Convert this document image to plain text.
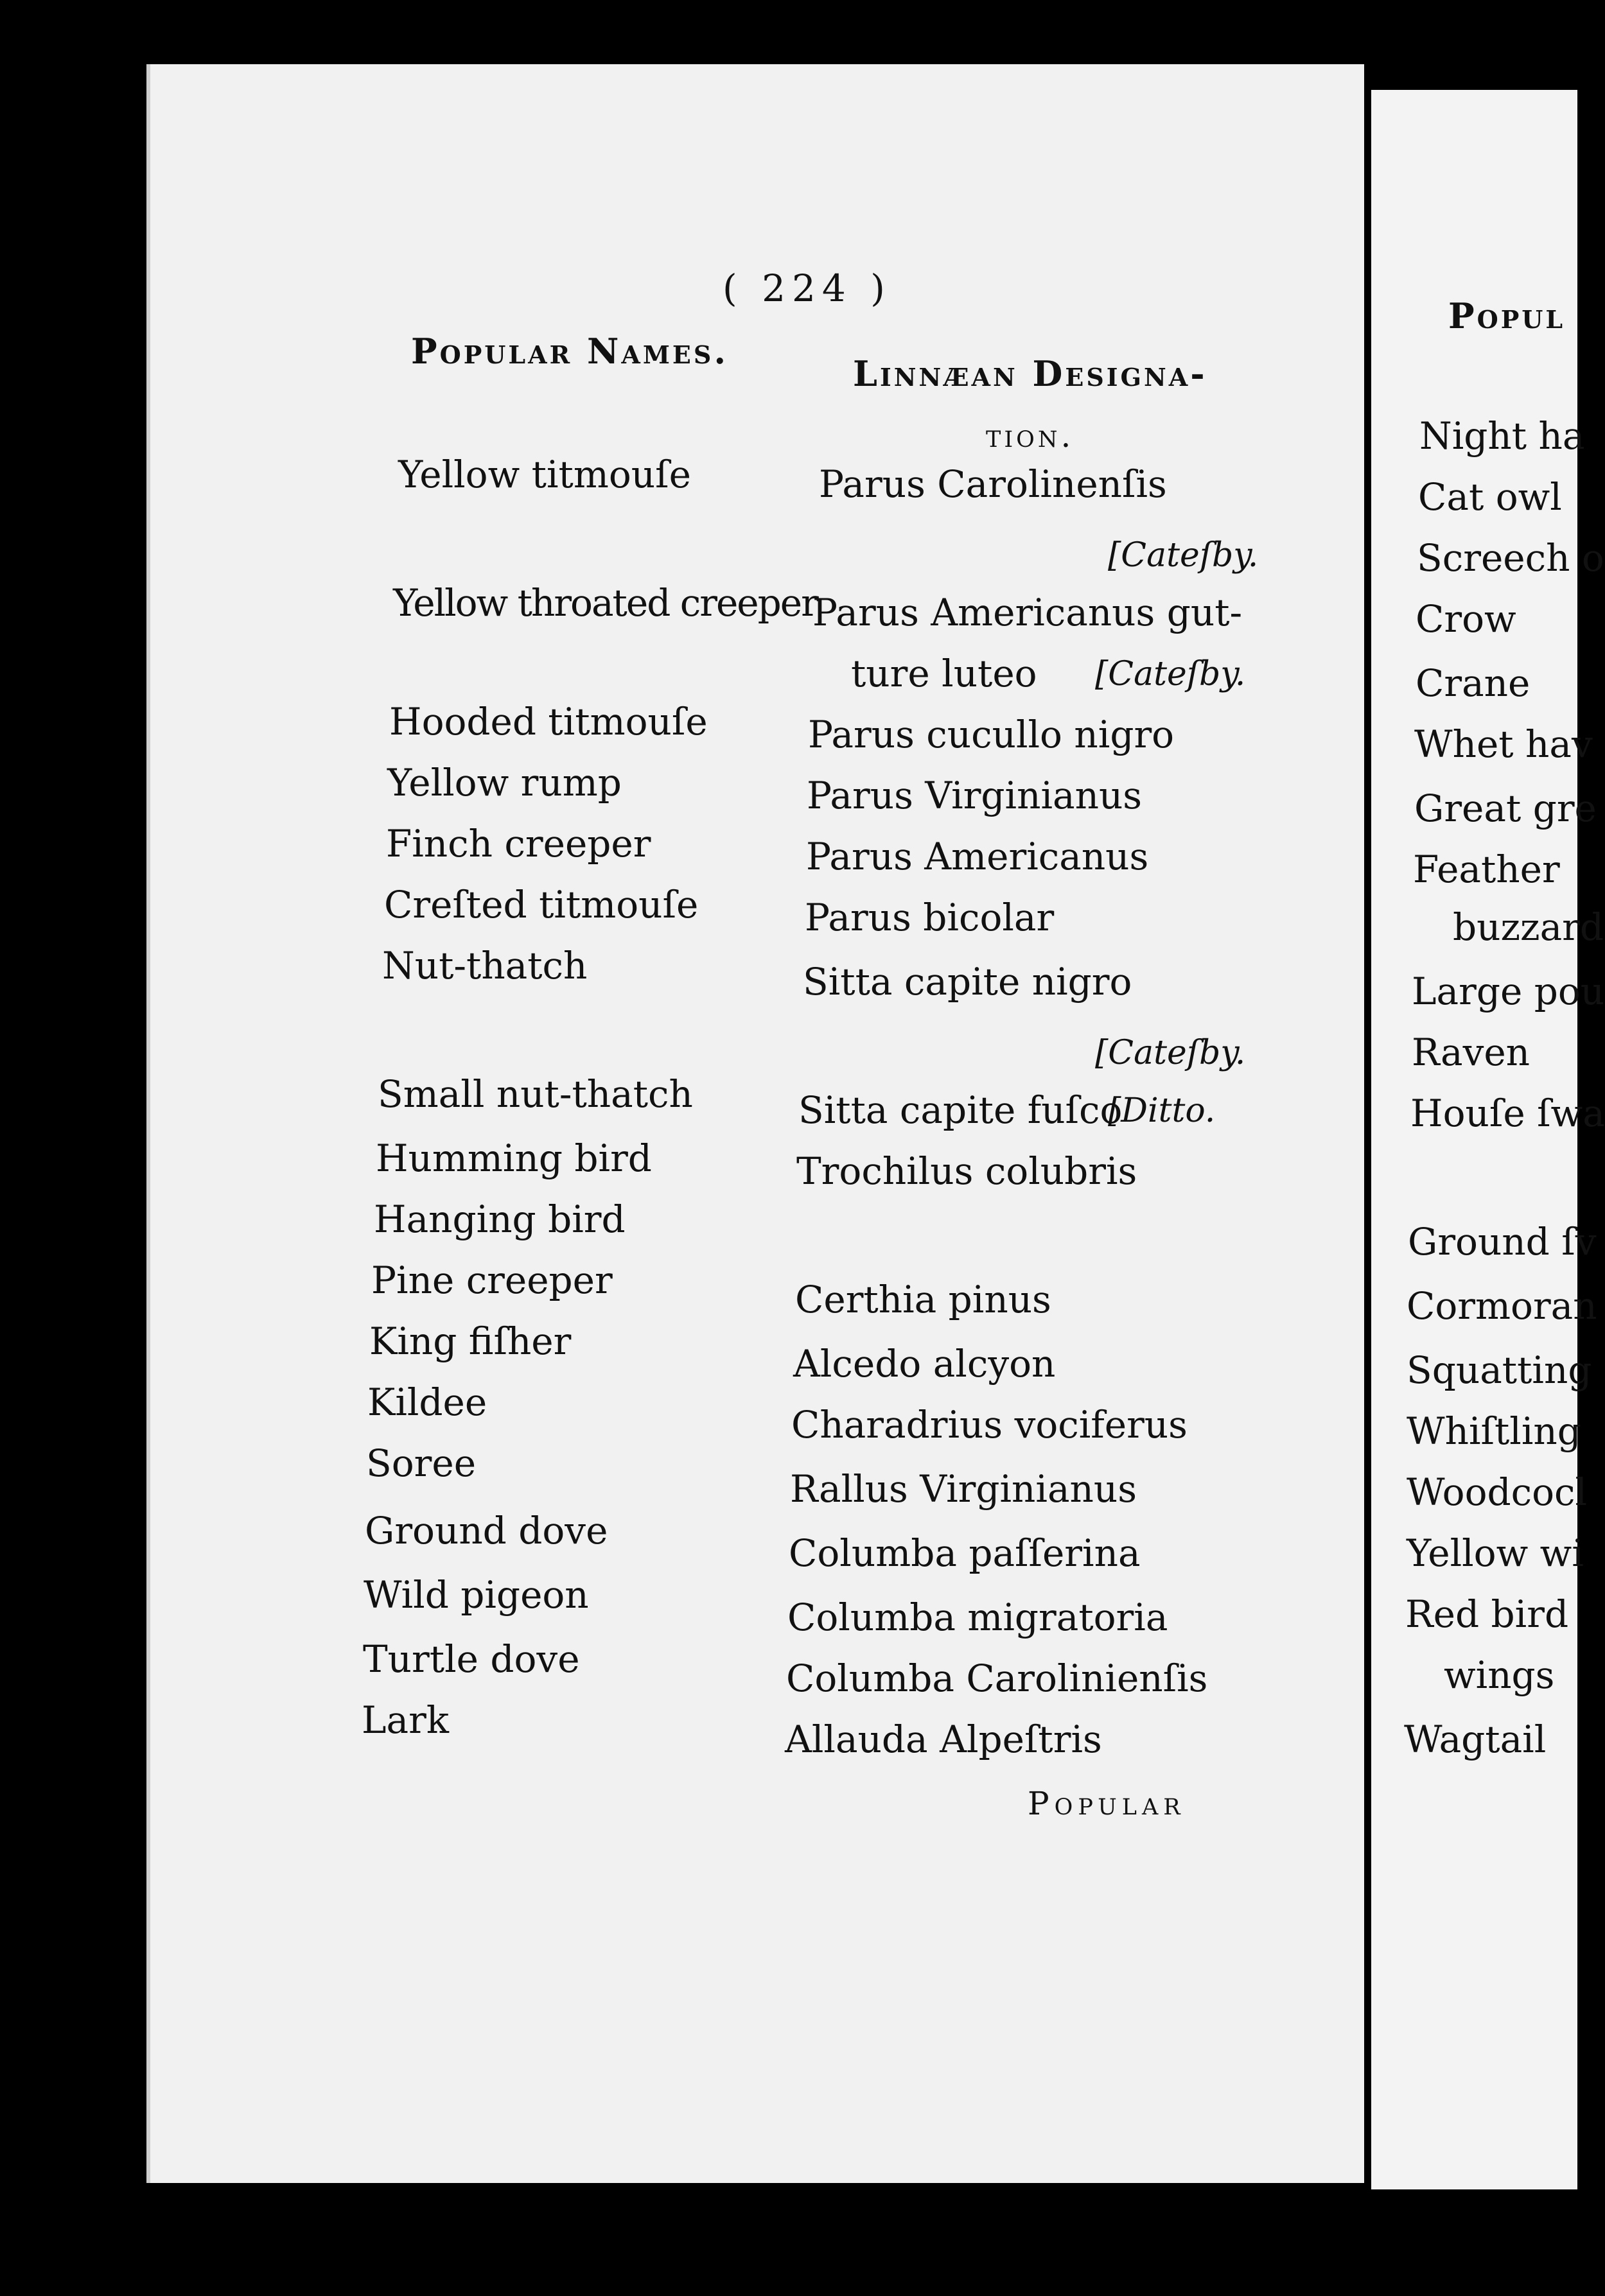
( 224 )
Popular Names.
Linnæan Designa-
tion.
Yellow titmouſe
Yellow throated creeper
Hooded titmouſe
Yellow rump
Finch creeper
Creſted titmouſe
Nut-thatch
Small nut-thatch
Humming bird
Hanging bird
Pine creeper
King fiſher
Kildee
Soree
Ground dove
Wild pigeon
Turtle dove
Lark
Parus Carolinenſis
[Cateſby.
Parus Americanus gut-
ture luteo [Cateſby.
Parus cucullo nigro
Parus Virginianus
Parus Americanus
Parus bicolar
Sitta capite nigro
[Cateſby.
Sitta capite fuſco
[Ditto.
Trochilus colubris
Certhia pinus
Alcedo alcyon
Charadrius vociferus
Rallus Virginianus
Columba paſſerina
Columba migratoria
Columba Carolinienſis
Allauda Alpeſtris
Popular
Popul
Night ha
Cat owl
Screech o
Crow
Crane
Whet hav
Great gre
Feather
buzzard
Large pou
Raven
Houſe ſwa
Ground ſv
Cormoran
Squatting
Whiſtling
Woodcocl
Yellow wi
Red bird
wings
Wagtail
